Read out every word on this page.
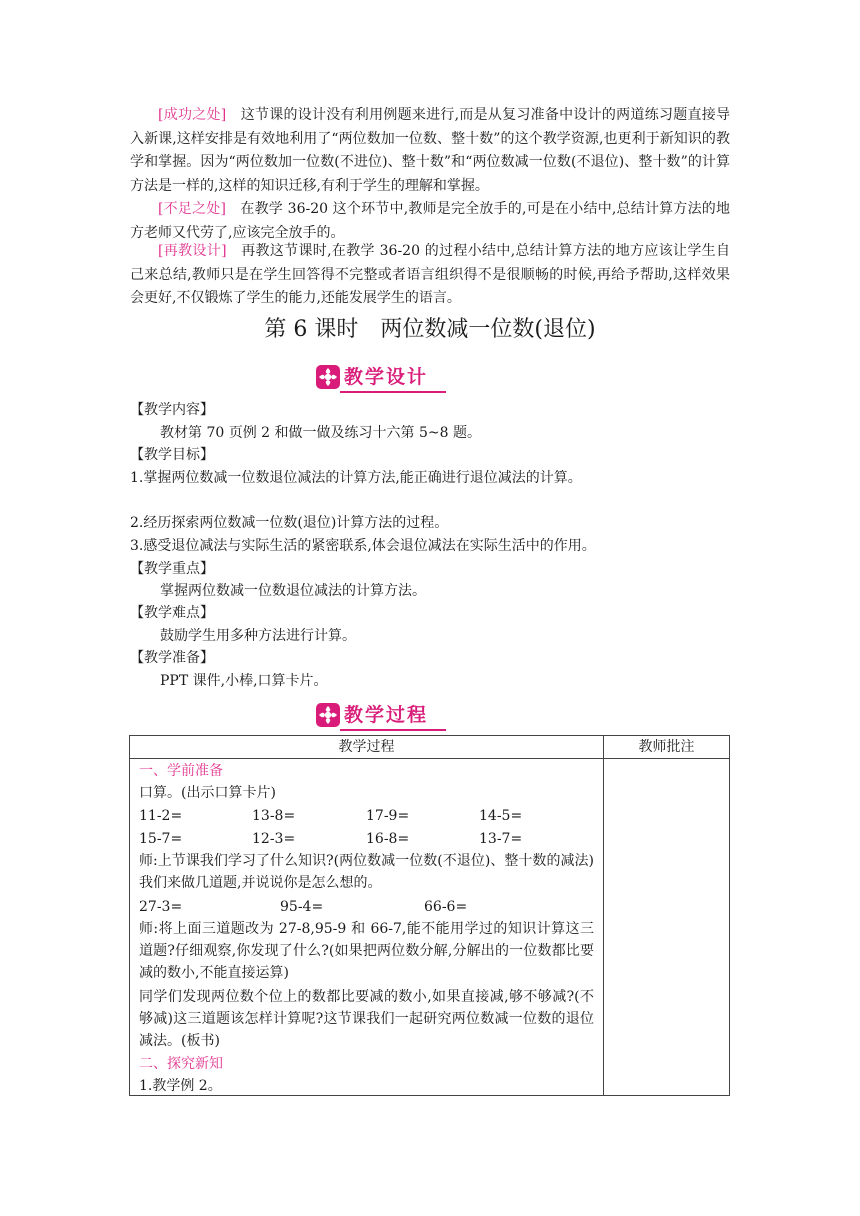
[成功之处]　这节课的设计没有利用例题来进行,而是从复习准备中设计的两道练习题直接导入新课,这样安排是有效地利用了“两位数加一位数、整十数”的这个教学资源,也更利于新知识的教学和掌握。因为“两位数加一位数(不进位)、整十数”和“两位数减一位数(不退位)、整十数”的计算方法是一样的,这样的知识迁移,有利于学生的理解和掌握。
[不足之处]　在教学 36-20 这个环节中,教师是完全放手的,可是在小结中,总结计算方法的地方老师又代劳了,应该完全放手的。
[再教设计]　再教这节课时,在教学 36-20 的过程小结中,总结计算方法的地方应该让学生自己来总结,教师只是在学生回答得不完整或者语言组织得不是很顺畅的时候,再给予帮助,这样效果会更好,不仅锻炼了学生的能力,还能发展学生的语言。
第 6 课时　两位数减一位数(退位)
教学设计
【教学内容】
教材第 70 页例 2 和做一做及练习十六第 5~8 题。
【教学目标】
1.掌握两位数减一位数退位减法的计算方法,能正确进行退位减法的计算。
2.经历探索两位数减一位数(退位)计算方法的过程。
3.感受退位减法与实际生活的紧密联系,体会退位减法在实际生活中的作用。
【教学重点】
掌握两位数减一位数退位减法的计算方法。
【教学难点】
鼓励学生用多种方法进行计算。
【教学准备】
PPT 课件,小棒,口算卡片。
教学过程
教学过程	教师批注
一、学前准备
口算。(出示口算卡片)
11-2=	13-8=	17-9=	14-5=
15-7=	12-3=	16-8=	13-7=
师:上节课我们学习了什么知识?(两位数减一位数(不退位)、整十数的减法)我们来做几道题,并说说你是怎么想的。
27-3=	95-4=	66-6=
师:将上面三道题改为 27-8,95-9 和 66-7,能不能用学过的知识计算这三道题?仔细观察,你发现了什么?(如果把两位数分解,分解出的一位数都比要减的数小,不能直接运算)
同学们发现两位数个位上的数都比要减的数小,如果直接减,够不够减?(不够减)这三道题该怎样计算呢?这节课我们一起研究两位数减一位数的退位减法。(板书)
二、探究新知
1.教学例 2。
